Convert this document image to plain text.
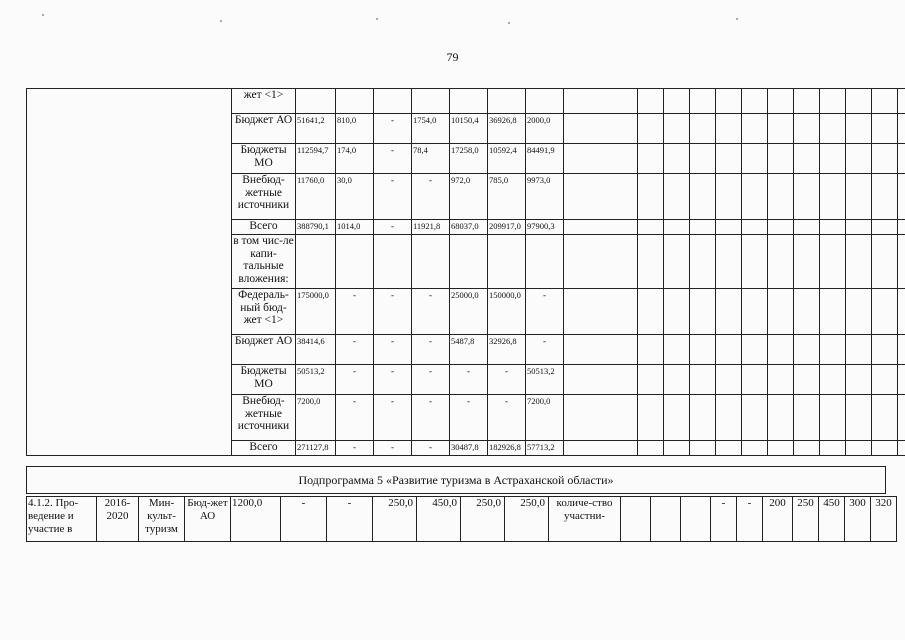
79
	жет <1>																			
	Бюджет АО	51641,2	810,0	-	1754,0	10150,4	36926,8	2000,0												
	Бюджеты МО	112594,7	174,0	-	78,4	17258,0	10592,4	84491,9												
	Внебюд-жетные источники	11760,0	30,0	-	-	972,0	785,0	9973,0												
	Всего	388790,1	1014,0	-	11921,8	68037,0	209917,0	97900,3												
	в том чис-ле капи-тальные вложения:																			
	Федераль-ный бюд-жет <1>	175000,0	-	-	-	25000,0	150000,0	-												
	Бюджет АО	38414,6	-	-	-	5487,8	32926,8	-												
	Бюджеты МО	50513,2	-	-	-	-	-	50513,2												
	Внебюд-жетные источники	7200,0	-	-	-	-	-	7200,0												
	Всего	271127,8	-	-	-	30487,8	182926,8	57713,2												
Подпрограмма 5 «Развитие туризма в Астраханской области»
4.1.2. Про-ведение и участие в	2016-2020	Мин-культ-туризм	Бюд-жет АО	1200,0	-	-	250,0	450,0	250,0	250,0	количе-ство участни-				-	-	200	250	450	300	320
